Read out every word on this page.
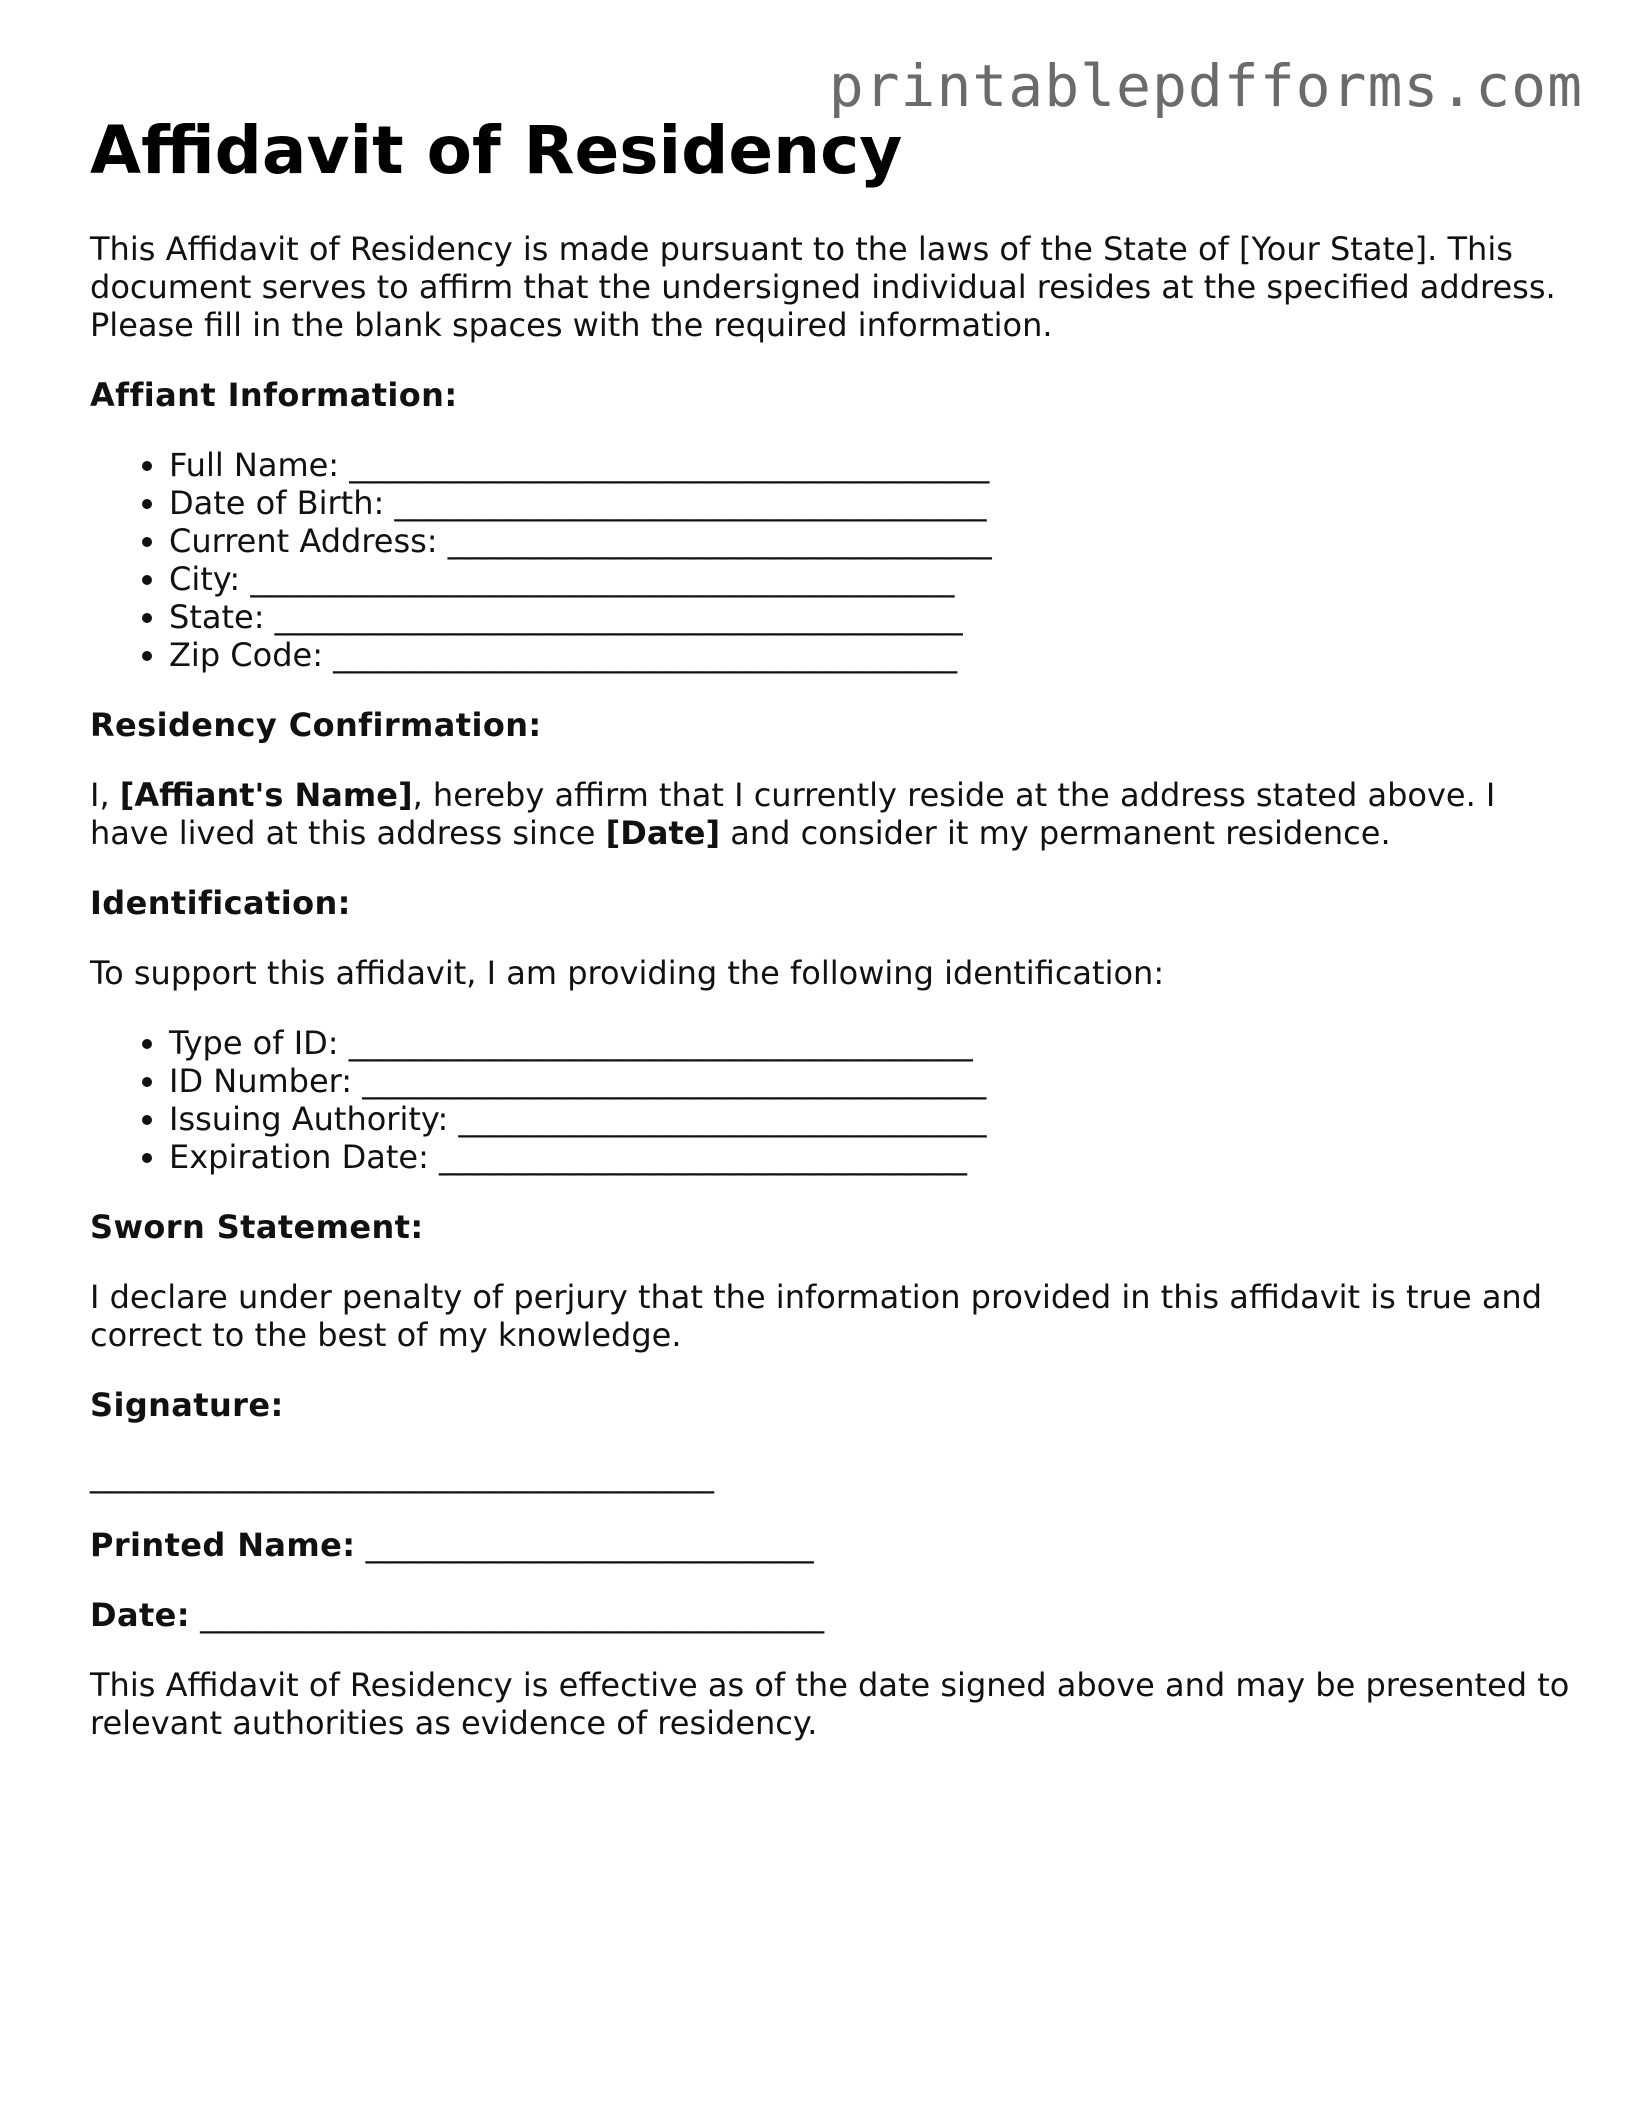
printablepdfforms.com
Affidavit of Residency

This Affidavit of Residency is made pursuant to the laws of the State of [Your State]. This document serves to affirm that the undersigned individual resides at the specified address. Please fill in the blank spaces with the required information.

Affiant Information:
• Full Name: ________________________________________
• Date of Birth: _____________________________________
• Current Address: __________________________________
• City: ____________________________________________
• State: ___________________________________________
• Zip Code: _______________________________________
Residency Confirmation:

I, [Affiant's Name], hereby affirm that I currently reside at the address stated above. I have lived at this address since [Date] and consider it my permanent residence.

Identification:

To support this affidavit, I am providing the following identification:

• Type of ID: _______________________________________
• ID Number: _______________________________________
• Issuing Authority: _________________________________
• Expiration Date: _________________________________
Sworn Statement:

I declare under penalty of perjury that the information provided in this affidavit is true and correct to the best of my knowledge.

Signature:
_______________________________________
Printed Name: ____________________________
Date: _______________________________________

This Affidavit of Residency is effective as of the date signed above and may be presented to relevant authorities as evidence of residency.
